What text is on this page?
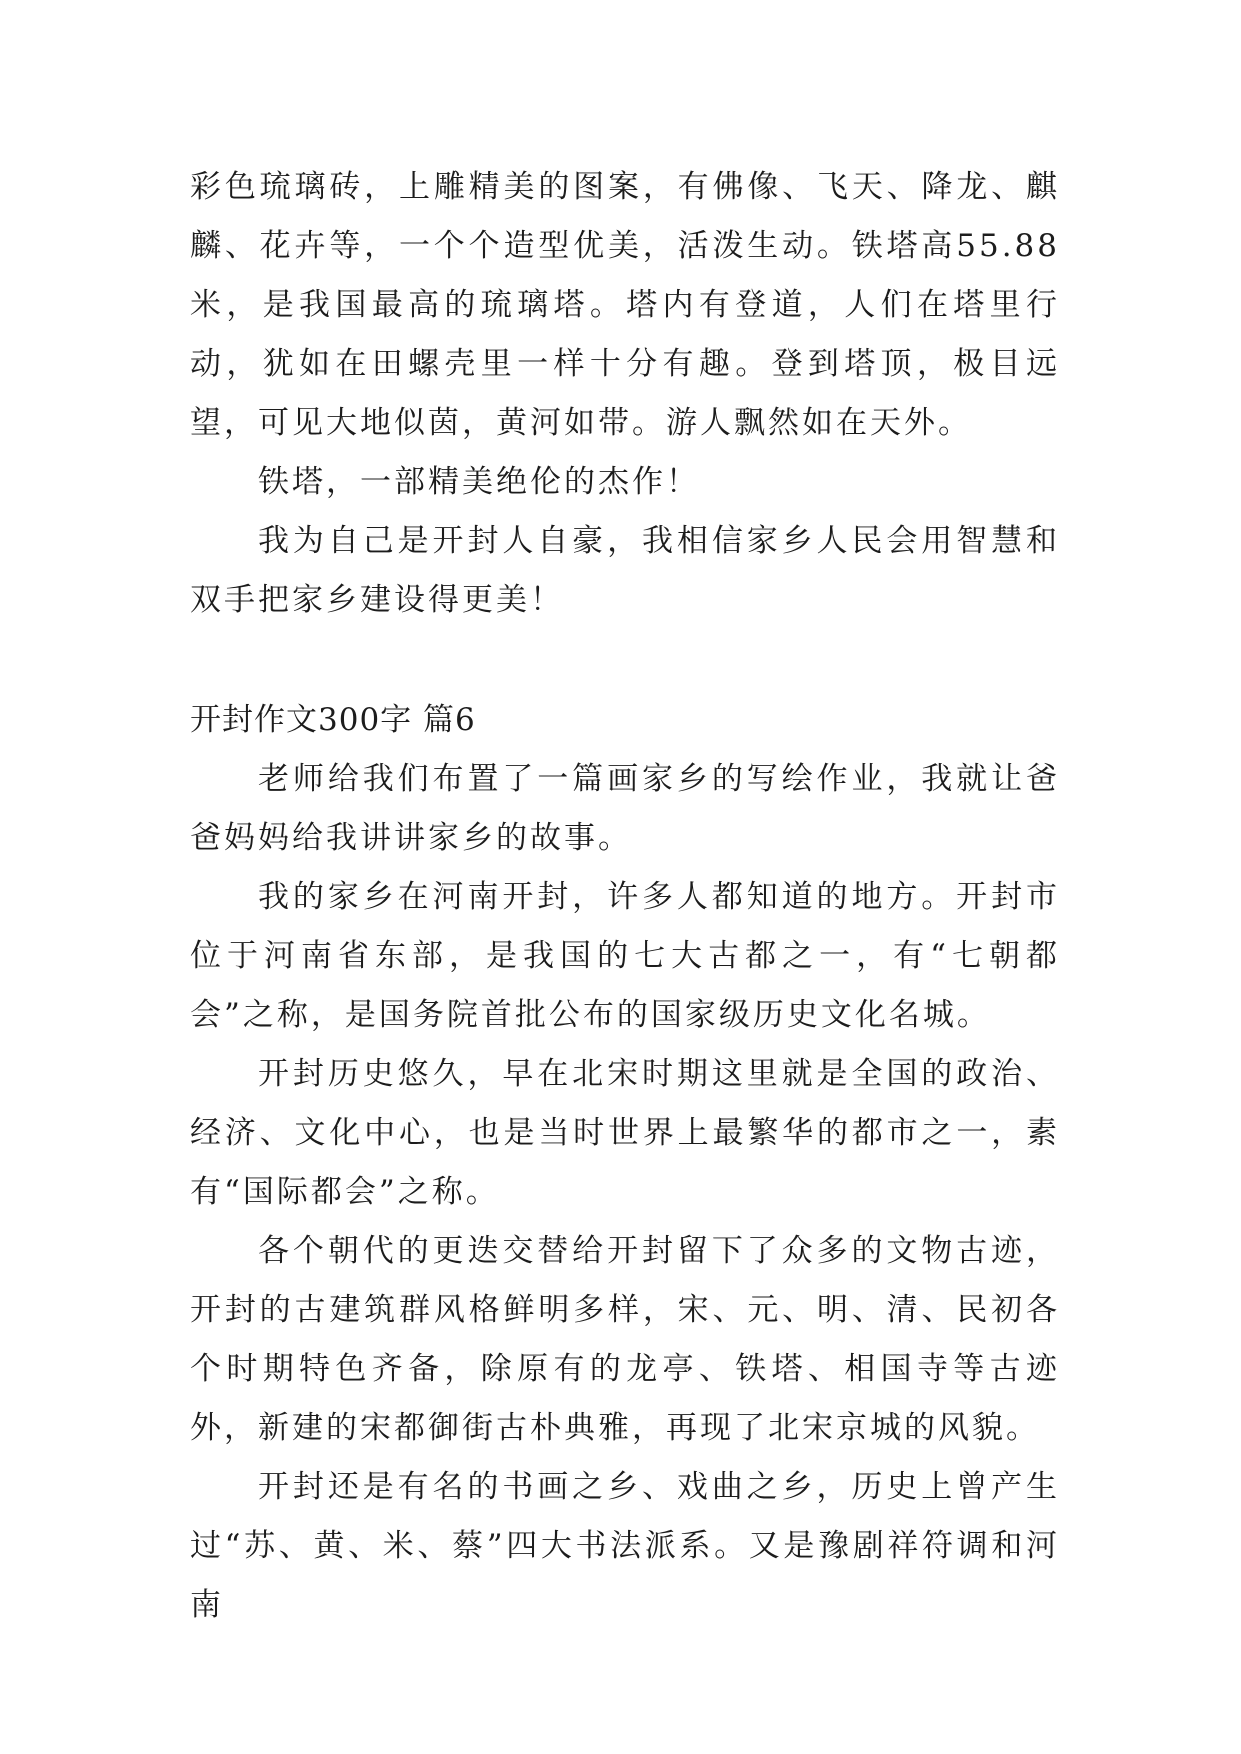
彩色琉璃砖，上雕精美的图案，有佛像、飞天、降龙、麒麟、花卉等，一个个造型优美，活泼生动。铁塔高55.88米，是我国最高的琉璃塔。塔内有登道，人们在塔里行动，犹如在田螺壳里一样十分有趣。登到塔顶，极目远望，可见大地似茵，黄河如带。游人飘然如在天外。

铁塔，一部精美绝伦的杰作！

我为自己是开封人自豪，我相信家乡人民会用智慧和双手把家乡建设得更美！

开封作文300字 篇6

老师给我们布置了一篇画家乡的写绘作业，我就让爸爸妈妈给我讲讲家乡的故事。

我的家乡在河南开封，许多人都知道的地方。开封市位于河南省东部，是我国的七大古都之一，有“七朝都会”之称，是国务院首批公布的国家级历史文化名城。

开封历史悠久，早在北宋时期这里就是全国的政治、经济、文化中心，也是当时世界上最繁华的都市之一，素有“国际都会”之称。

各个朝代的更迭交替给开封留下了众多的文物古迹，开封的古建筑群风格鲜明多样，宋、元、明、清、民初各个时期特色齐备，除原有的龙亭、铁塔、相国寺等古迹外，新建的宋都御街古朴典雅，再现了北宋京城的风貌。

开封还是有名的书画之乡、戏曲之乡，历史上曾产生过“苏、黄、米、蔡”四大书法派系。又是豫剧祥符调和河南
